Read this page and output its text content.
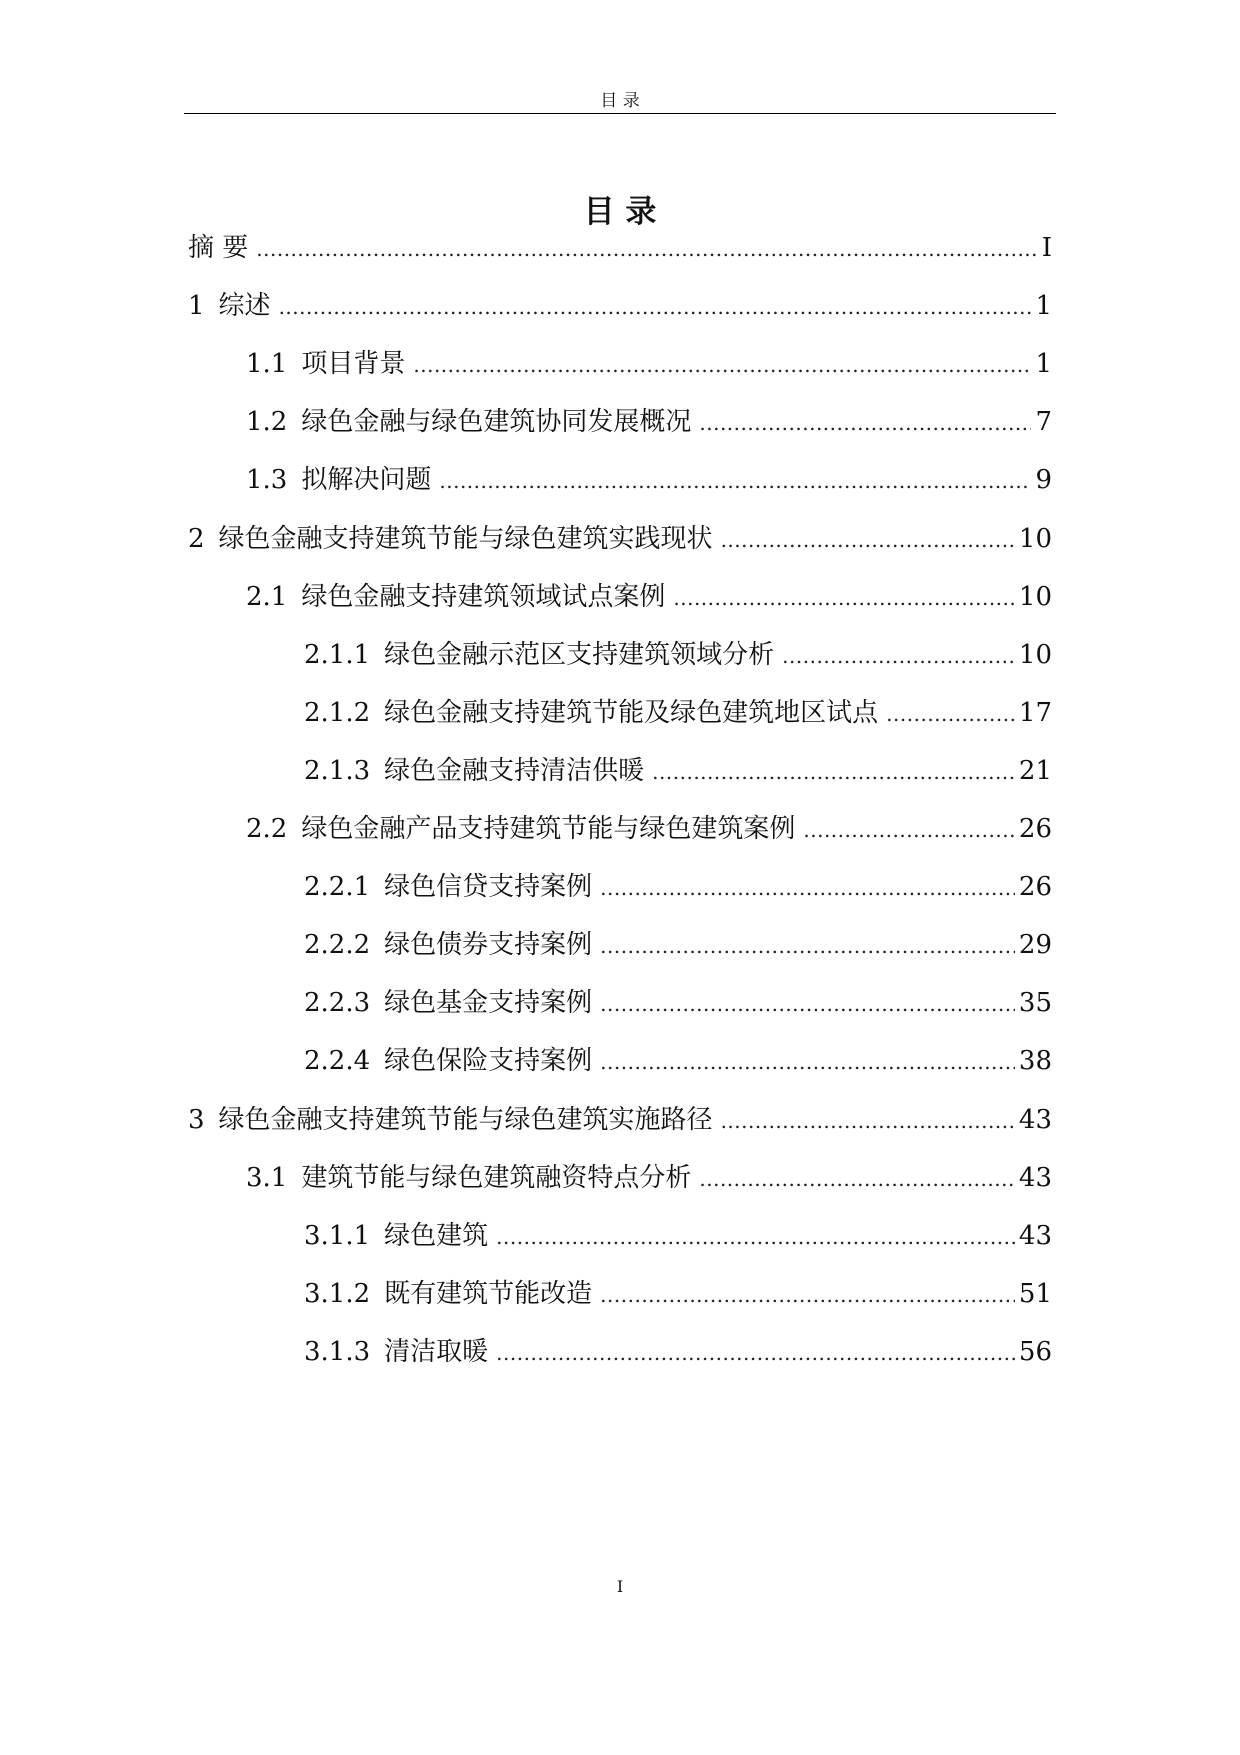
目 录
目 录
摘 要 .....	I
1 综述 .....	1
1.1 项目背景 .....	1
1.2 绿色金融与绿色建筑协同发展概况 .....	7
1.3 拟解决问题 .....	9
2 绿色金融支持建筑节能与绿色建筑实践现状 .....	10
2.1 绿色金融支持建筑领域试点案例 .....	10
2.1.1 绿色金融示范区支持建筑领域分析 .....	10
2.1.2 绿色金融支持建筑节能及绿色建筑地区试点 .....	17
2.1.3 绿色金融支持清洁供暖 .....	21
2.2 绿色金融产品支持建筑节能与绿色建筑案例 .....	26
2.2.1 绿色信贷支持案例 .....	26
2.2.2 绿色债券支持案例 .....	29
2.2.3 绿色基金支持案例 .....	35
2.2.4 绿色保险支持案例 .....	38
3 绿色金融支持建筑节能与绿色建筑实施路径 .....	43
3.1 建筑节能与绿色建筑融资特点分析 .....	43
3.1.1 绿色建筑 .....	43
3.1.2 既有建筑节能改造 .....	51
3.1.3 清洁取暖 .....	56
I
